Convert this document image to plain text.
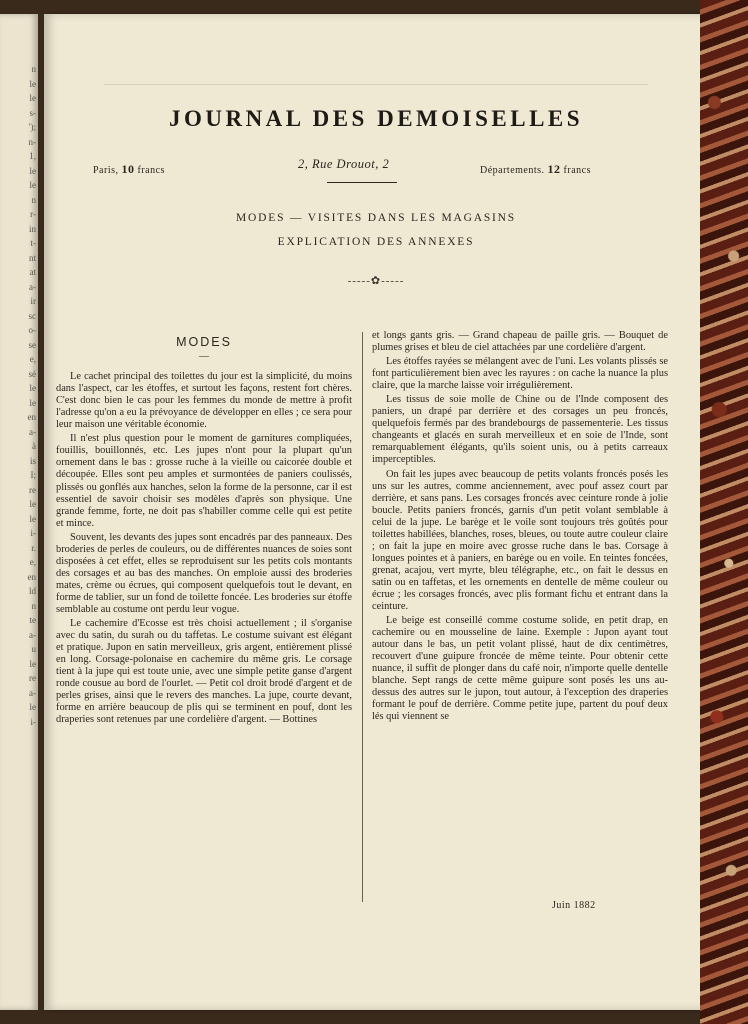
n
le
le
s-
');
n-
1,
le
le
n
r-
in
t-
nt
at
a-
ir
sc
o-
se
e,
sé
le
le
en
a-
à
is
I;
re
le
le
i-
r.
e,
en
ld
n
te
a-
u
le
re
a-
le
i-
JOURNAL DES DEMOISELLES
Paris, 10 francs	2, Rue Drouot, 2	Départements. 12 francs
MODES — VISITES DANS LES MAGASINS
EXPLICATION DES ANNEXES
-----✿-----
MODES
—

Le cachet principal des toilettes du jour est la simplicité, du moins dans l'aspect, car les étoffes, et surtout les façons, restent fort chères. C'est donc bien le cas pour les femmes du monde de mettre à profit l'adresse qu'on a eu la prévoyance de développer en elles ; ce sera pour leur maison une véritable économie.

Il n'est plus question pour le moment de garnitures compliquées, fouillis, bouillonnés, etc. Les jupes n'ont pour la plupart qu'un ornement dans le bas : grosse ruche à la vieille ou caicorée double et découpée. Elles sont peu amples et surmontées de paniers coulissés, plissés ou gonflés aux hanches, selon la forme de la personne, car il est essentiel de savoir choisir ses modèles d'après son physique. Une grande femme, forte, ne doit pas s'habiller comme celle qui est petite et mince.

Souvent, les devants des jupes sont encadrés par des panneaux. Des broderies de perles de couleurs, ou de différentes nuances de soies sont disposées à cet effet, elles se reproduisent sur les petits cols montants des corsages et au bas des manches. On emploie aussi des broderies mates, crème ou écrues, qui composent quelquefois tout le devant, en forme de tablier, sur un fond de toilette foncée. Les broderies sur étoffe semblable au costume ont perdu leur vogue.

Le cachemire d'Ecosse est très choisi actuellement ; il s'organise avec du satin, du surah ou du taffetas. Le costume suivant est élégant et pratique. Jupon en satin merveilleux, gris argent, entièrement plissé en long. Corsage-polonaise en cachemire du même gris. Le corsage tient à la jupe qui est toute unie, avec une simple petite ganse d'argent ronde cousue au bord de l'ourlet. — Petit col droit brodé d'argent et de perles grises, ainsi que le revers des manches. La jupe, courte devant, forme en arrière beaucoup de plis qui se terminent en pouf, dont les draperies sont retenues par une cordelière d'argent. — Bottines

et longs gants gris. — Grand chapeau de paille gris. — Bouquet de plumes grises et bleu de ciel attachées par une cordelière d'argent.

Les étoffes rayées se mélangent avec de l'uni. Les volants plissés se font particulièrement bien avec les rayures : on cache la nuance la plus claire, que la marche laisse voir irrégulièrement.

Les tissus de soie molle de Chine ou de l'Inde composent des paniers, un drapé par derrière et des corsages un peu froncés, quelquefois fermés par des brandebourgs de passementerie. Les tissus changeants et glacés en surah merveilleux et en soie de l'Inde, sont remarquablement élégants, qu'ils soient unis, ou à petits carreaux imperceptibles.

On fait les jupes avec beaucoup de petits volants froncés posés les uns sur les autres, comme anciennement, avec pouf assez court par derrière, et sans pans. Les corsages froncés avec ceinture ronde à jolie boucle. Petits paniers froncés, garnis d'un petit volant semblable à celui de la jupe. Le barège et le voile sont toujours très goûtés pour toilettes habillées, blanches, roses, bleues, ou toute autre couleur claire ; on fait la jupe en moire avec grosse ruche dans le bas. Corsage à longues pointes et à paniers, en barège ou en voile. En teintes foncées, grenat, acajou, vert myrte, bleu télégraphe, etc., on fait le dessus en satin ou en taffetas, et les ornements en dentelle de même couleur ou écrue ; les corsages froncés, avec plis formant fichu et entrant dans la ceinture.

Le beige est conseillé comme costume solide, en petit drap, en cachemire ou en mousseline de laine. Exemple : Jupon ayant tout autour dans le bas, un petit volant plissé, haut de dix centimètres, recouvert d'une guipure froncée de même teinte. Pour obtenir cette nuance, il suffit de plonger dans du café noir, n'importe quelle dentelle blanche. Sept rangs de cette même guipure sont posés les uns au-dessus des autres sur le jupon, tout autour, à l'exception des draperies formant le pouf de derrière. Comme petite jupe, partent du pouf deux lés qui viennent se

Juin 1882
